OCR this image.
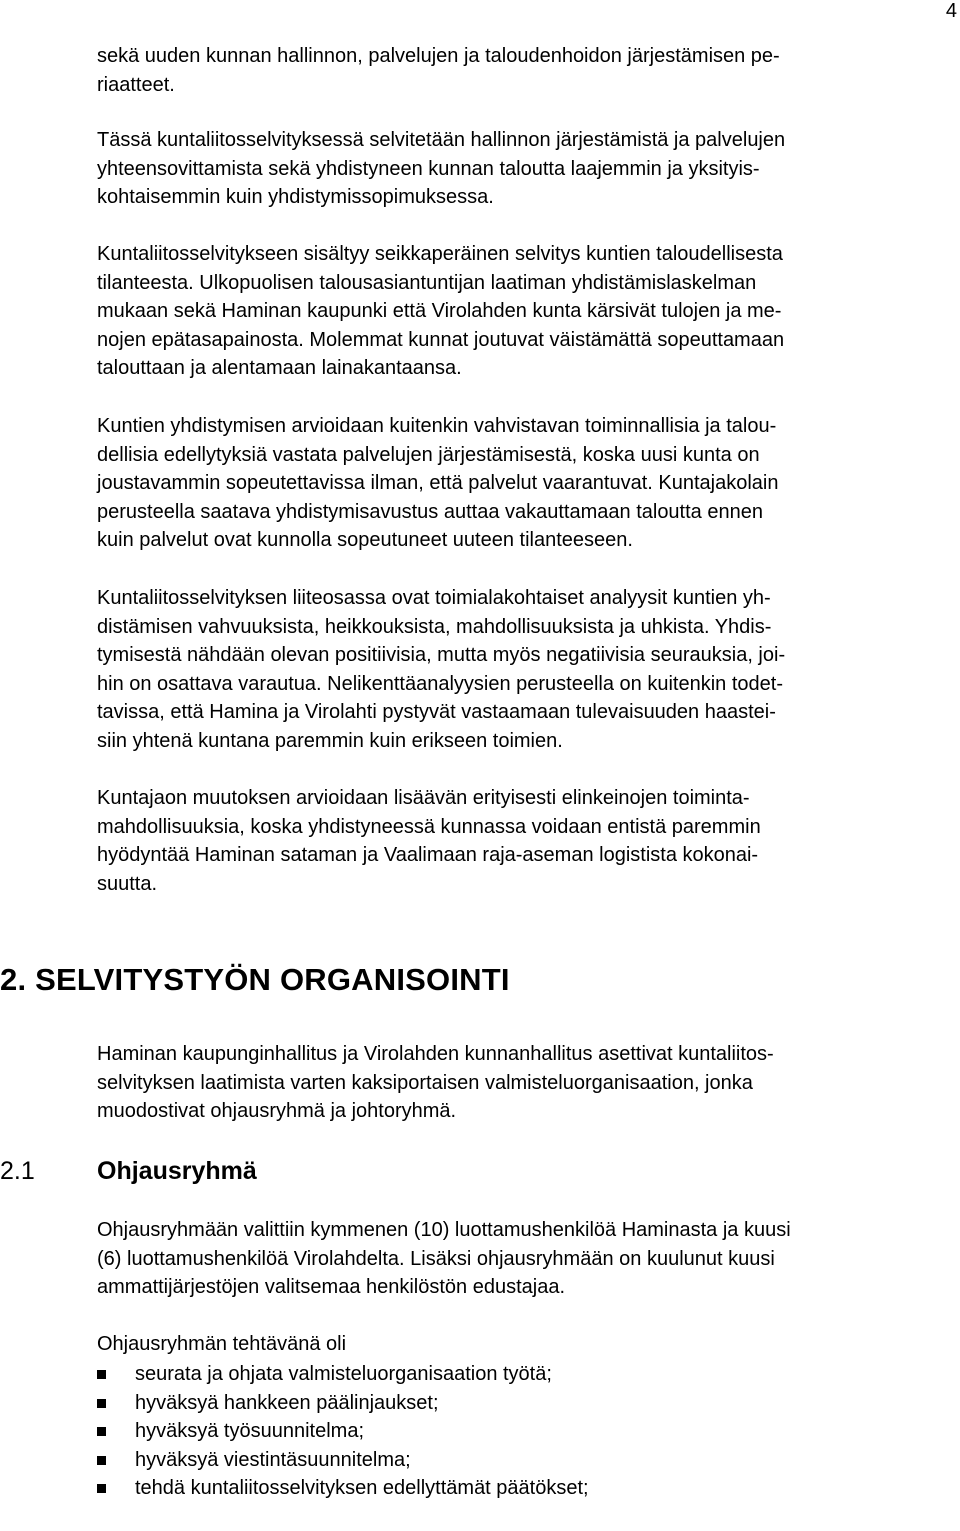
4
sekä uuden kunnan hallinnon, palvelujen ja taloudenhoidon järjestämisen pe-
riaatteet.
Tässä kuntaliitosselvityksessä selvitetään hallinnon järjestämistä ja palvelujen
yhteensovittamista sekä yhdistyneen kunnan taloutta laajemmin ja yksityis-
kohtaisemmin kuin yhdistymissopimuksessa.
Kuntaliitosselvitykseen sisältyy seikkaperäinen selvitys kuntien taloudellisesta
tilanteesta. Ulkopuolisen talousasiantuntijan laatiman yhdistämislaskelman
mukaan sekä Haminan kaupunki että Virolahden kunta kärsivät tulojen ja me-
nojen epätasapainosta. Molemmat kunnat joutuvat väistämättä sopeuttamaan
talouttaan ja alentamaan lainakantaansa.
Kuntien yhdistymisen arvioidaan kuitenkin vahvistavan toiminnallisia ja talou-
dellisia edellytyksiä vastata palvelujen järjestämisestä, koska uusi kunta on
joustavammin sopeutettavissa ilman, että palvelut vaarantuvat. Kuntajakolain
perusteella saatava yhdistymisavustus auttaa vakauttamaan taloutta ennen
kuin palvelut ovat kunnolla sopeutuneet uuteen tilanteeseen.
Kuntaliitosselvityksen liiteosassa ovat toimialakohtaiset analyysit kuntien yh-
distämisen vahvuuksista, heikkouksista, mahdollisuuksista ja uhkista. Yhdis-
tymisestä nähdään olevan positiivisia, mutta myös negatiivisia seurauksia, joi-
hin on osattava varautua. Nelikenttäanalyysien perusteella on kuitenkin todet-
tavissa, että Hamina ja Virolahti pystyvät vastaamaan tulevaisuuden haastei-
siin yhtenä kuntana paremmin kuin erikseen toimien.
Kuntajaon muutoksen arvioidaan lisäävän erityisesti elinkeinojen toiminta-
mahdollisuuksia, koska yhdistyneessä kunnassa voidaan entistä paremmin
hyödyntää Haminan sataman ja Vaalimaan raja-aseman logistista kokonai-
suutta.
2. SELVITYSTYÖN ORGANISOINTI
Haminan kaupunginhallitus ja Virolahden kunnanhallitus asettivat kuntaliitos-
selvityksen laatimista varten kaksiportaisen valmisteluorganisaation, jonka
muodostivat ohjausryhmä ja johtoryhmä.
2.1 Ohjausryhmä
Ohjausryhmään valittiin kymmenen (10) luottamushenkilöä Haminasta ja kuusi
(6) luottamushenkilöä Virolahdelta. Lisäksi ohjausryhmään on kuulunut kuusi
ammattijärjestöjen valitsemaa henkilöstön edustajaa.
Ohjausryhmän tehtävänä oli
seurata ja ohjata valmisteluorganisaation työtä;
hyväksyä hankkeen päälinjaukset;
hyväksyä työsuunnitelma;
hyväksyä viestintäsuunnitelma;
tehdä kuntaliitosselvityksen edellyttämät päätökset;
